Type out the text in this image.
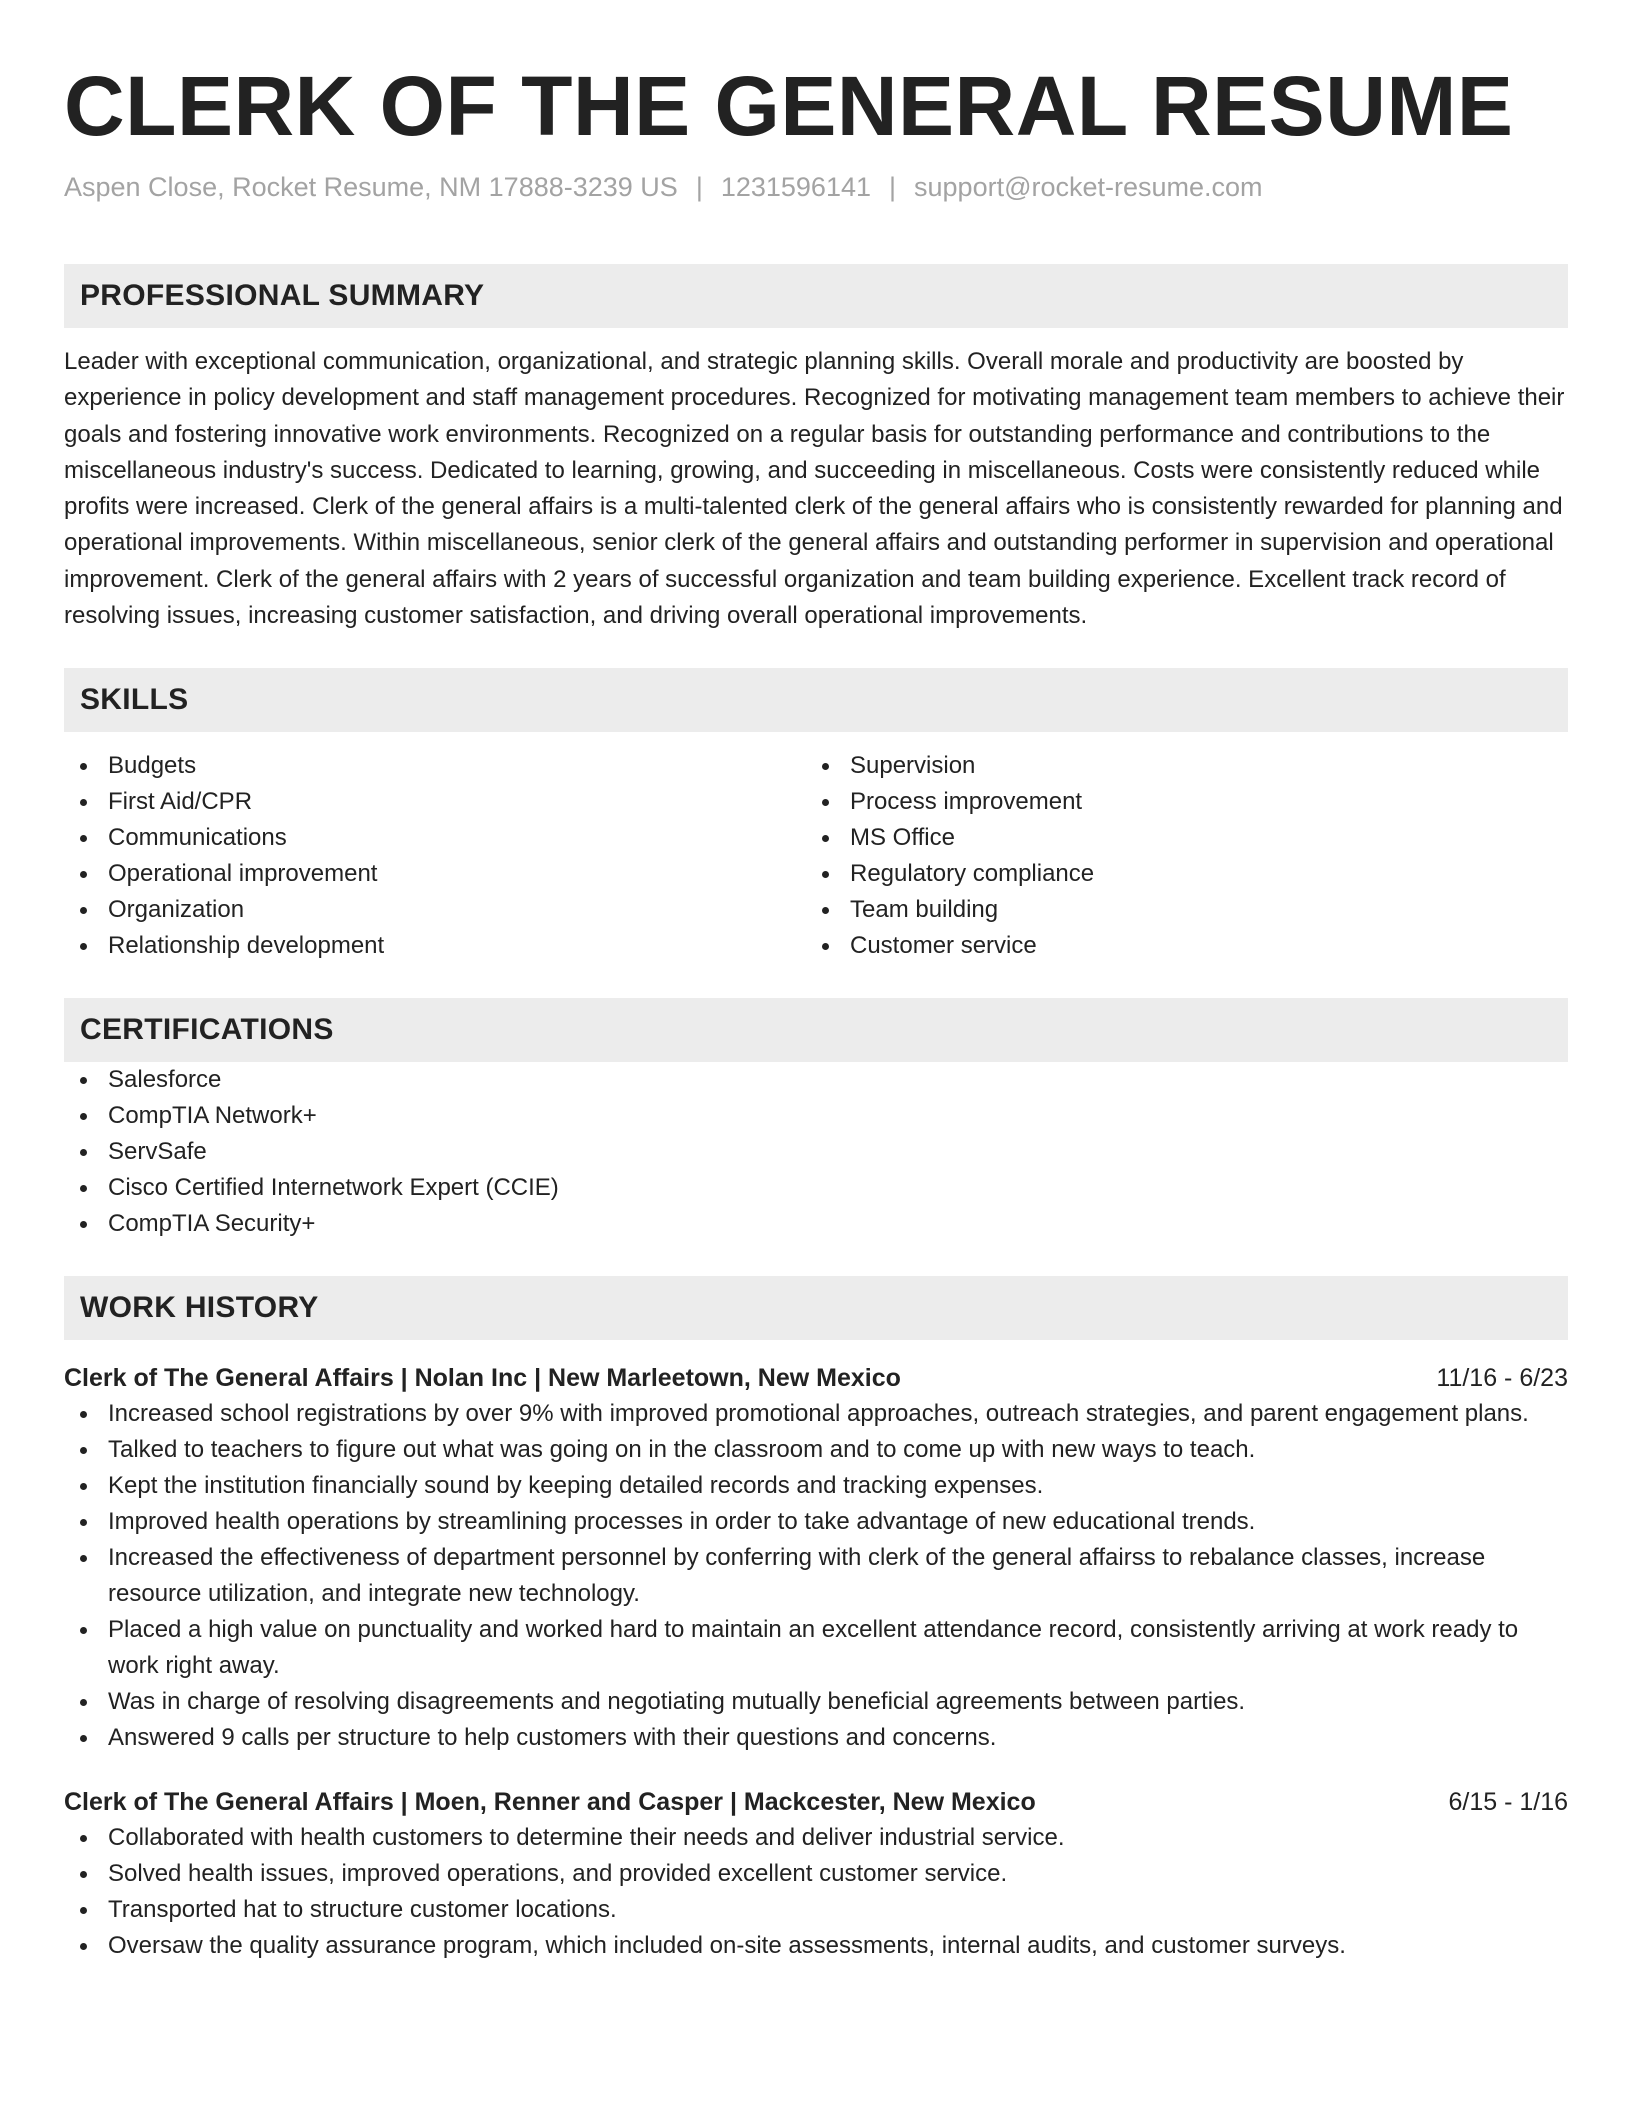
CLERK OF THE GENERAL RESUME
Aspen Close, Rocket Resume, NM 17888-3239 US | 1231596141 | support@rocket-resume.com
PROFESSIONAL SUMMARY

Leader with exceptional communication, organizational, and strategic planning skills. Overall morale and productivity are boosted by experience in policy development and staff management procedures. Recognized for motivating management team members to achieve their goals and fostering innovative work environments. Recognized on a regular basis for outstanding performance and contributions to the miscellaneous industry's success. Dedicated to learning, growing, and succeeding in miscellaneous. Costs were consistently reduced while profits were increased. Clerk of the general affairs is a multi-talented clerk of the general affairs who is consistently rewarded for planning and operational improvements. Within miscellaneous, senior clerk of the general affairs and outstanding performer in supervision and operational improvement. Clerk of the general affairs with 2 years of successful organization and team building experience. Excellent track record of resolving issues, increasing customer satisfaction, and driving overall operational improvements.

SKILLS
Budgets
First Aid/CPR
Communications
Operational improvement
Organization
Relationship development
Supervision
Process improvement
MS Office
Regulatory compliance
Team building
Customer service
CERTIFICATIONS
Salesforce
CompTIA Network+
ServSafe
Cisco Certified Internetwork Expert (CCIE)
CompTIA Security+
WORK HISTORY
Clerk of The General Affairs | Nolan Inc | New Marleetown, New Mexico	11/16 - 6/23
Increased school registrations by over 9% with improved promotional approaches, outreach strategies, and parent engagement plans.
Talked to teachers to figure out what was going on in the classroom and to come up with new ways to teach.
Kept the institution financially sound by keeping detailed records and tracking expenses.
Improved health operations by streamlining processes in order to take advantage of new educational trends.
Increased the effectiveness of department personnel by conferring with clerk of the general affairss to rebalance classes, increase resource utilization, and integrate new technology.
Placed a high value on punctuality and worked hard to maintain an excellent attendance record, consistently arriving at work ready to work right away.
Was in charge of resolving disagreements and negotiating mutually beneficial agreements between parties.
Answered 9 calls per structure to help customers with their questions and concerns.
Clerk of The General Affairs | Moen, Renner and Casper | Mackcester, New Mexico	6/15 - 1/16
Collaborated with health customers to determine their needs and deliver industrial service.
Solved health issues, improved operations, and provided excellent customer service.
Transported hat to structure customer locations.
Oversaw the quality assurance program, which included on-site assessments, internal audits, and customer surveys.
